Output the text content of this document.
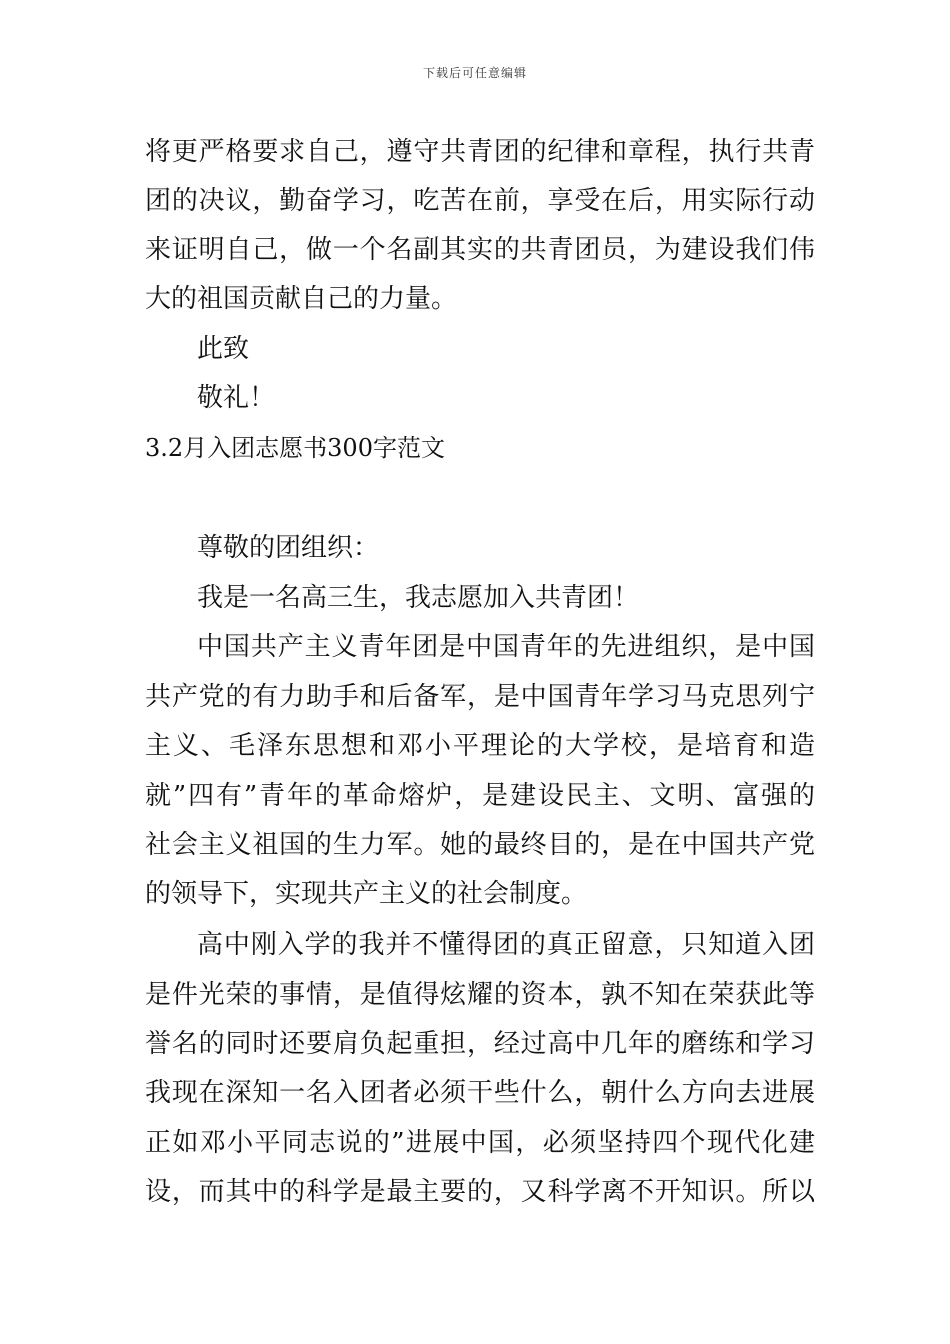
下载后可任意编辑
将更严格要求自己，遵守共青团的纪律和章程，执行共青
团的决议，勤奋学习，吃苦在前，享受在后，用实际行动
来证明自己，做一个名副其实的共青团员，为建设我们伟
大的祖国贡献自己的力量。
此致
敬礼！
3.2月入团志愿书300字范文
尊敬的团组织：
我是一名高三生，我志愿加入共青团！
中国共产主义青年团是中国青年的先进组织，是中国
共产党的有力助手和后备军，是中国青年学习马克思列宁
主义、毛泽东思想和邓小平理论的大学校，是培育和造
就”四有”青年的革命熔炉，是建设民主、文明、富强的
社会主义祖国的生力军。她的最终目的，是在中国共产党
的领导下，实现共产主义的社会制度。
高中刚入学的我并不懂得团的真正留意，只知道入团
是件光荣的事情，是值得炫耀的资本，孰不知在荣获此等
誉名的同时还要肩负起重担，经过高中几年的磨练和学习
我现在深知一名入团者必须干些什么，朝什么方向去进展
正如邓小平同志说的”进展中国，必须坚持四个现代化建
设，而其中的科学是最主要的，又科学离不开知识。所以
